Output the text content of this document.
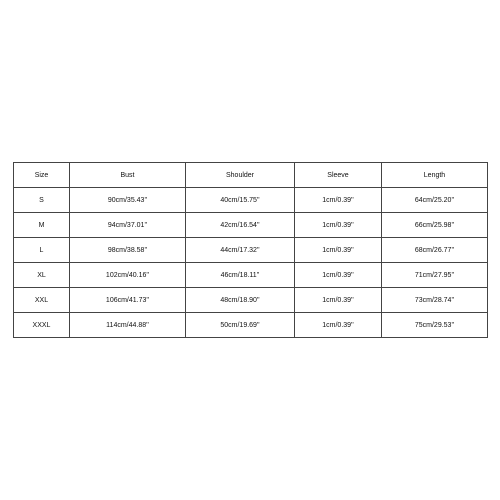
Size	Bust	Shoulder	Sleeve	Length
S	90cm/35.43''	40cm/15.75''	1cm/0.39''	64cm/25.20''
M	94cm/37.01''	42cm/16.54''	1cm/0.39''	66cm/25.98''
L	98cm/38.58''	44cm/17.32''	1cm/0.39''	68cm/26.77''
XL	102cm/40.16''	46cm/18.11''	1cm/0.39''	71cm/27.95''
XXL	106cm/41.73''	48cm/18.90''	1cm/0.39''	73cm/28.74''
XXXL	114cm/44.88''	50cm/19.69''	1cm/0.39''	75cm/29.53''
